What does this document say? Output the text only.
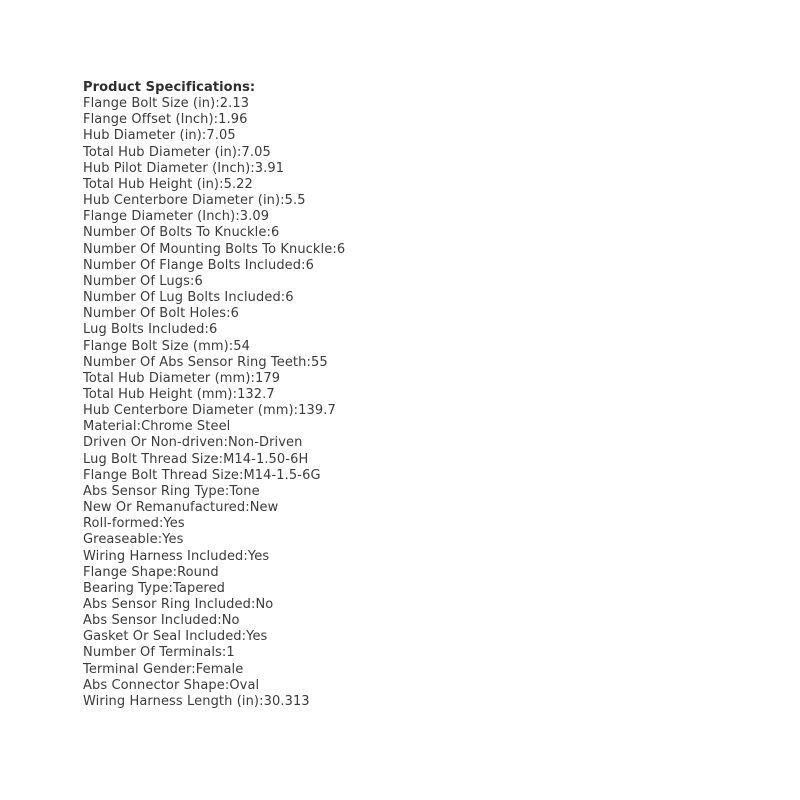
Product Specifications:
Flange Bolt Size (in):2.13
Flange Offset (Inch):1.96
Hub Diameter (in):7.05
Total Hub Diameter (in):7.05
Hub Pilot Diameter (Inch):3.91
Total Hub Height (in):5.22
Hub Centerbore Diameter (in):5.5
Flange Diameter (Inch):3.09
Number Of Bolts To Knuckle:6
Number Of Mounting Bolts To Knuckle:6
Number Of Flange Bolts Included:6
Number Of Lugs:6
Number Of Lug Bolts Included:6
Number Of Bolt Holes:6
Lug Bolts Included:6
Flange Bolt Size (mm):54
Number Of Abs Sensor Ring Teeth:55
Total Hub Diameter (mm):179
Total Hub Height (mm):132.7
Hub Centerbore Diameter (mm):139.7
Material:Chrome Steel
Driven Or Non-driven:Non-Driven
Lug Bolt Thread Size:M14-1.50-6H
Flange Bolt Thread Size:M14-1.5-6G
Abs Sensor Ring Type:Tone
New Or Remanufactured:New
Roll-formed:Yes
Greaseable:Yes
Wiring Harness Included:Yes
Flange Shape:Round
Bearing Type:Tapered
Abs Sensor Ring Included:No
Abs Sensor Included:No
Gasket Or Seal Included:Yes
Number Of Terminals:1
Terminal Gender:Female
Abs Connector Shape:Oval
Wiring Harness Length (in):30.313
